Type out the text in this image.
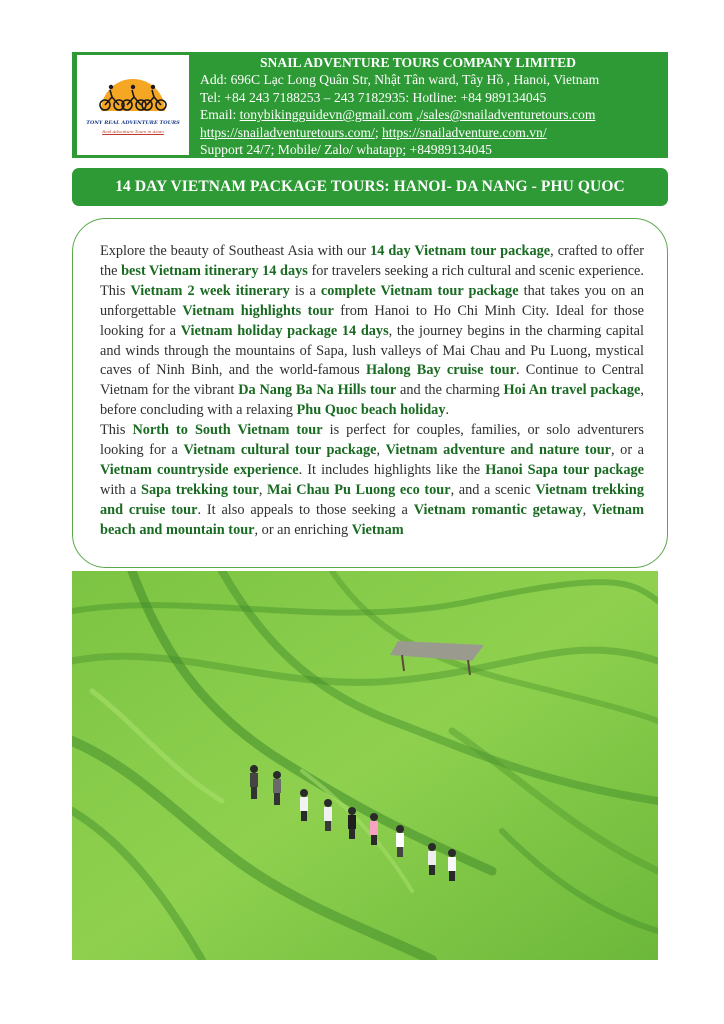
TONY REAL ADVENTURE TOURS
Real Adventure Tours in Asian
SNAIL ADVENTURE TOURS COMPANY LIMITED
Add: 696C Lạc Long Quân Str, Nhật Tân ward, Tây Hồ , Hanoi, Vietnam
Tel: +84 243 7188253 – 243 7182935: Hotline: +84 989134045
Email: tonybikingguidevn@gmail.com ,/sales@snailadventuretours.com
https://snailadventuretours.com/; https://snailadventure.com.vn/
Support 24/7; Mobile/ Zalo/ whatapp; +84989134045
14 DAY VIETNAM PACKAGE TOURS: HANOI- DA NANG - PHU QUOC

Explore the beauty of Southeast Asia with our 14 day Vietnam tour package, crafted to offer the best Vietnam itinerary 14 days for travelers seeking a rich cultural and scenic experience. This Vietnam 2 week itinerary is a complete Vietnam tour package that takes you on an unforgettable Vietnam highlights tour from Hanoi to Ho Chi Minh City. Ideal for those looking for a Vietnam holiday package 14 days, the journey begins in the charming capital and winds through the mountains of Sapa, lush valleys of Mai Chau and Pu Luong, mystical caves of Ninh Binh, and the world-famous Halong Bay cruise tour. Continue to Central Vietnam for the vibrant Da Nang Ba Na Hills tour and the charming Hoi An travel package, before concluding with a relaxing Phu Quoc beach holiday.

This North to South Vietnam tour is perfect for couples, families, or solo adventurers looking for a Vietnam cultural tour package, Vietnam adventure and nature tour, or a Vietnam countryside experience. It includes highlights like the Hanoi Sapa tour package with a Sapa trekking tour, Mai Chau Pu Luong eco tour, and a scenic Vietnam trekking and cruise tour. It also appeals to those seeking a Vietnam romantic getaway, Vietnam beach and mountain tour, or an enriching Vietnam
